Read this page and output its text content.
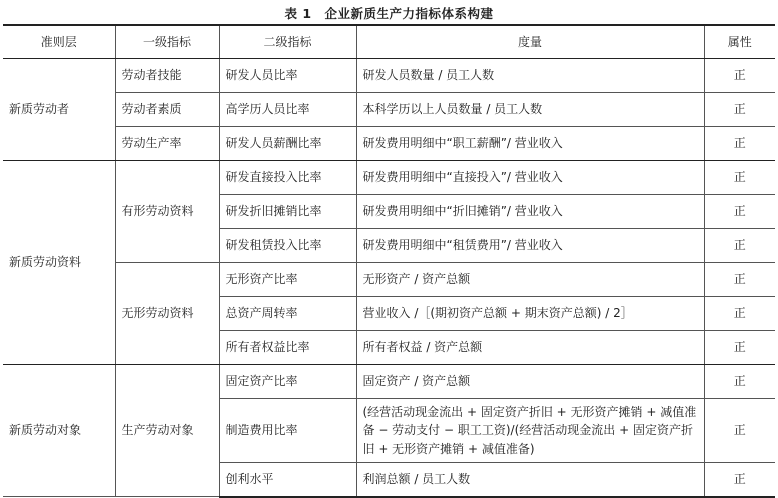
表 1　企业新质生产力指标体系构建
准则层	一级指标	二级指标	度量	属性
新质劳动者	劳动者技能	研发人员比率	研发人员数量 / 员工人数	正
	劳动者素质	高学历人员比率	本科学历以上人员数量 / 员工人数	正
	劳动生产率	研发人员薪酬比率	研发费用明细中“职工薪酬”/ 营业收入	正
新质劳动资料	有形劳动资料	研发直接投入比率	研发费用明细中“直接投入”/ 营业收入	正
		研发折旧摊销比率	研发费用明细中“折旧摊销”/ 营业收入	正
		研发租赁投入比率	研发费用明细中“租赁费用”/ 营业收入	正
	无形劳动资料	无形资产比率	无形资产 / 资产总额	正
		总资产周转率	营业收入 /［(期初资产总额 + 期末资产总额) / 2］	正
		所有者权益比率	所有者权益 / 资产总额	正
新质劳动对象	生产劳动对象	固定资产比率	固定资产 / 资产总额	正
		制造费用比率	(经营活动现金流出 + 固定资产折旧 + 无形资产摊销 + 减值准备 − 劳动支付 − 职工工资)/(经营活动现金流出 + 固定资产折旧 + 无形资产摊销 + 减值准备)	正
		创利水平	利润总额 / 员工人数	正
